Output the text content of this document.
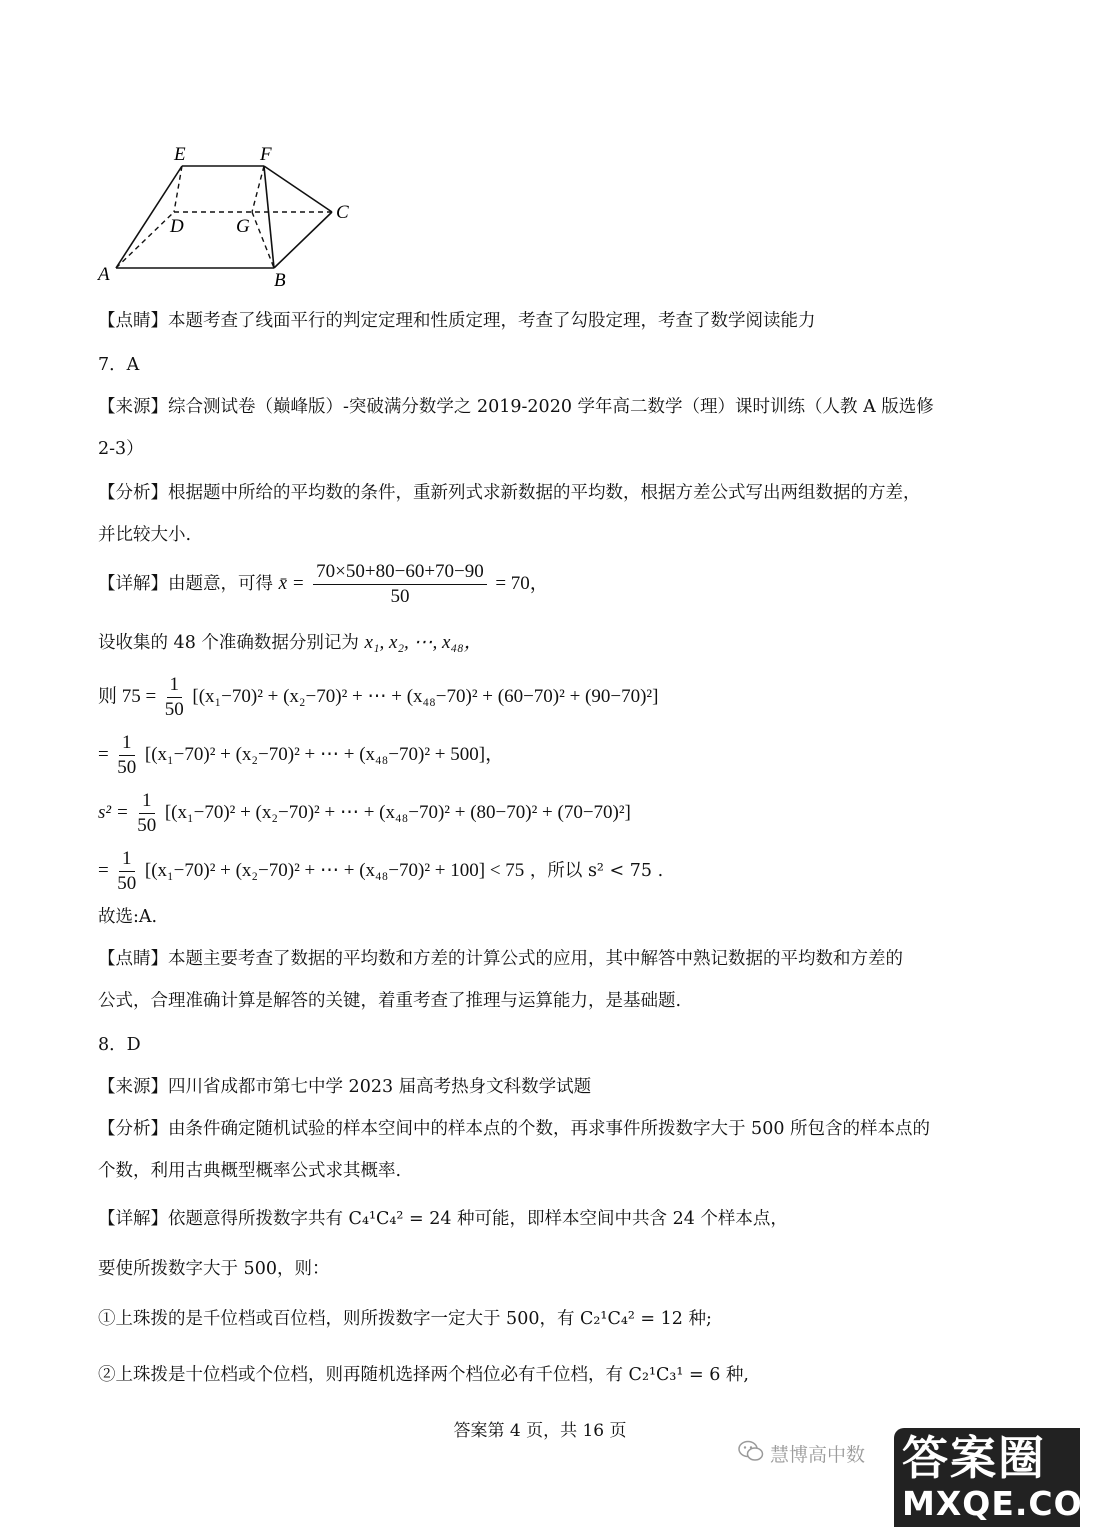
E	F
C
D	G
A	B
【点睛】本题考查了线面平行的判定定理和性质定理，考查了勾股定理，考查了数学阅读能力
7．A
【来源】综合测试卷（巅峰版）-突破满分数学之 2019-2020 学年高二数学（理）课时训练（人教 A 版选修
2-3）
【分析】根据题中所给的平均数的条件，重新列式求新数据的平均数，根据方差公式写出两组数据的方差，
并比较大小.
【详解】由题意，可得 x̄ = $\frac{70\times 50+80-60+70-90}{50} = 70$，
设收集的 48 个准确数据分别记为 x₁, x₂, ⋯, x₄₈，
则 $75 = \frac{1}{50} [(x_1-70)^2 + (x_2-70)^2$ + ⋯ + (x₄₈−70)² + (60−70)² + (90−70)²]
= $\frac{1}{50} [(x_1-70)^2 + (x_2-70)^2$ + ⋯ + (x₄₈−70)² + 500]，
$s^2 = \frac{1}{50} [(x_1-70)^2 + (x_2-70)^2$ + ⋯ + (x₄₈−70)² + (80−70)² + (70−70)²]
= $\frac{1}{50} [(x_1-70)^2 + (x_2-70)^2$ + ⋯ + (x₄₈−70)² + 100] < 75 ，所以 s² < 75 .
故选:A.
【点睛】本题主要考查了数据的平均数和方差的计算公式的应用，其中解答中熟记数据的平均数和方差的
公式，合理准确计算是解答的关键，着重考查了推理与运算能力，是基础题.
8．D
【来源】四川省成都市第七中学 2023 届高考热身文科数学试题
【分析】由条件确定随机试验的样本空间中的样本点的个数，再求事件所拨数字大于 500 所包含的样本点的
个数，利用古典概型概率公式求其概率.
【详解】依题意得所拨数字共有 C₄¹C₄² = 24 种可能，即样本空间中共含 24 个样本点，
要使所拨数字大于 500，则：
①上珠拨的是千位档或百位档，则所拨数字一定大于 500，有 C₂¹C₄² = 12 种;
②上珠拨是十位档或个位档，则再随机选择两个档位必有千位档，有 C₂¹C₃¹ = 6 种,
答案第 4 页，共 16 页
慧博高中数 答案圈
MXQE.COM
